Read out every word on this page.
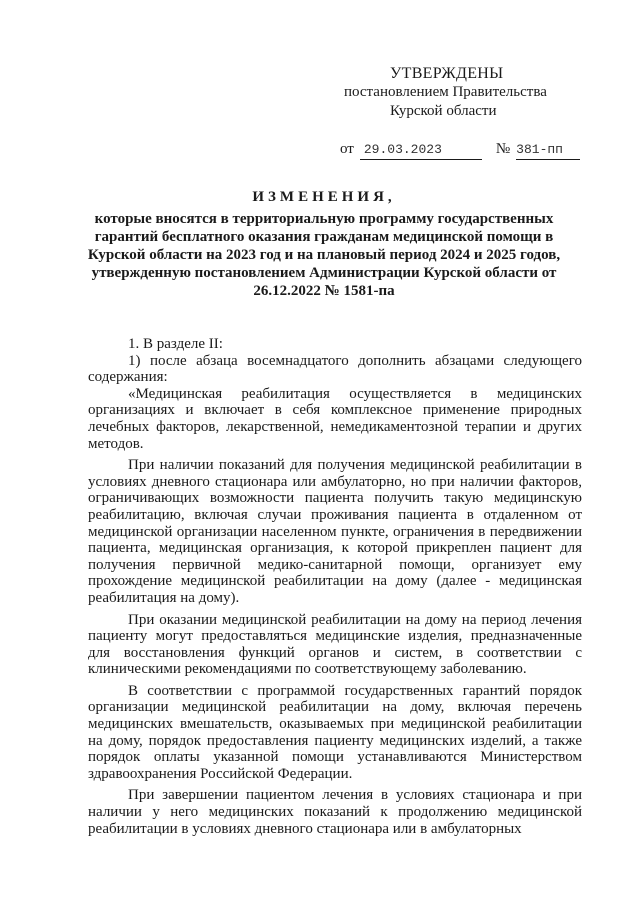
УТВЕРЖДЕНЫ
постановлением Правительства
Курской области
от 29.03.2023	№ 381-пп
ИЗМЕНЕНИЯ,
которые вносятся в территориальную программу государственных гарантий бесплатного оказания гражданам медицинской помощи в Курской области на 2023 год и на плановый период 2024 и 2025 годов, утвержденную постановлением Администрации Курской области от 26.12.2022 № 1581-па

1. В разделе II:

1) после абзаца восемнадцатого дополнить абзацами следующего содержания:

«Медицинская реабилитация осуществляется в медицинских организациях и включает в себя комплексное применение природных лечебных факторов, лекарственной, немедикаментозной терапии и других методов.

При наличии показаний для получения медицинской реабилитации в условиях дневного стационара или амбулаторно, но при наличии факторов, ограничивающих возможности пациента получить такую медицинскую реабилитацию, включая случаи проживания пациента в отдаленном от медицинской организации населенном пункте, ограничения в передвижении пациента, медицинская организация, к которой прикреплен пациент для получения первичной медико-санитарной помощи, организует ему прохождение медицинской реабилитации на дому (далее - медицинская реабилитация на дому).

При оказании медицинской реабилитации на дому на период лечения пациенту могут предоставляться медицинские изделия, предназначенные для восстановления функций органов и систем, в соответствии с клиническими рекомендациями по соответствующему заболеванию.

В соответствии с программой государственных гарантий порядок организации медицинской реабилитации на дому, включая перечень медицинских вмешательств, оказываемых при медицинской реабилитации на дому, порядок предоставления пациенту медицинских изделий, а также порядок оплаты указанной помощи устанавливаются Министерством здравоохранения Российской Федерации.

При завершении пациентом лечения в условиях стационара и при наличии у него медицинских показаний к продолжению медицинской реабилитации в условиях дневного стационара или в амбулаторных
